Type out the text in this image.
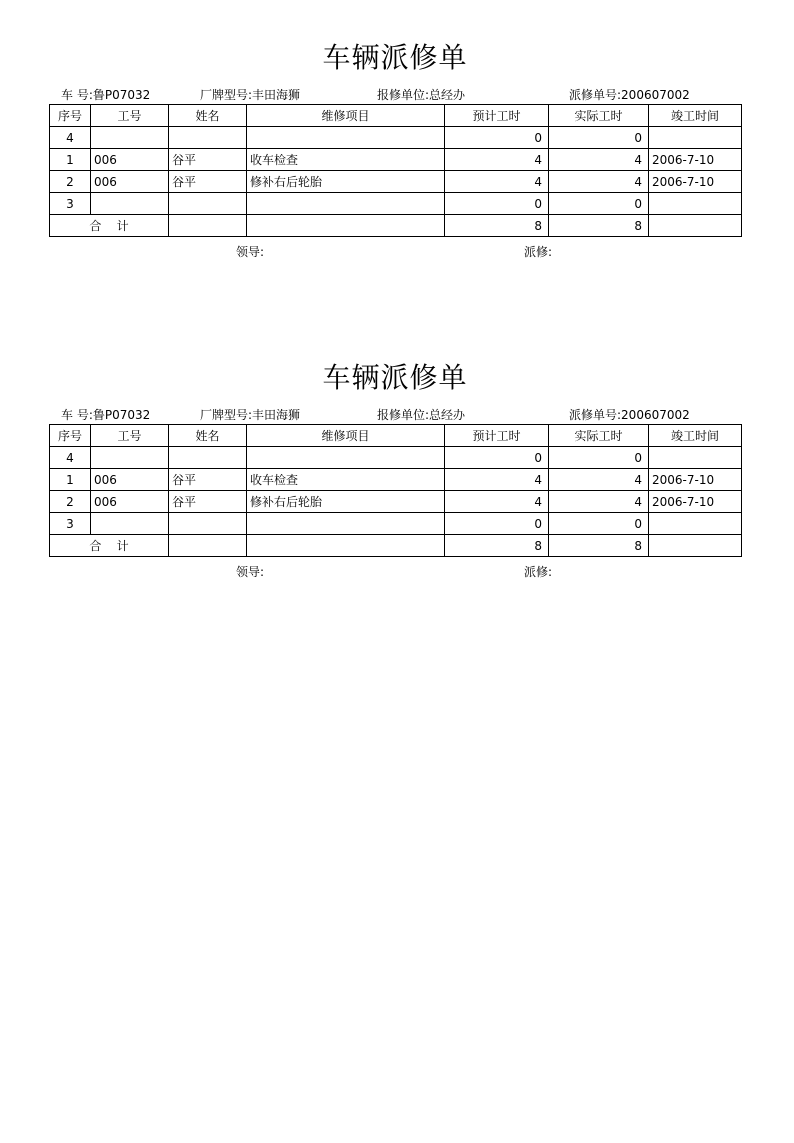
车辆派修单
车 号:鲁P07032	厂牌型号:丰田海狮	报修单位:总经办	派修单号:200607002
序号	工号	姓名	维修项目	预计工时	实际工时	竣工时间
4				0	0	
1	006	谷平	收车检查	4	4	2006-7-10
2	006	谷平	修补右后轮胎	4	4	2006-7-10
3				0	0	
合    计				8	8	
领导:	派修:
车辆派修单
车 号:鲁P07032	厂牌型号:丰田海狮	报修单位:总经办	派修单号:200607002
序号	工号	姓名	维修项目	预计工时	实际工时	竣工时间
4				0	0	
1	006	谷平	收车检查	4	4	2006-7-10
2	006	谷平	修补右后轮胎	4	4	2006-7-10
3				0	0	
合    计				8	8	
领导:	派修:
